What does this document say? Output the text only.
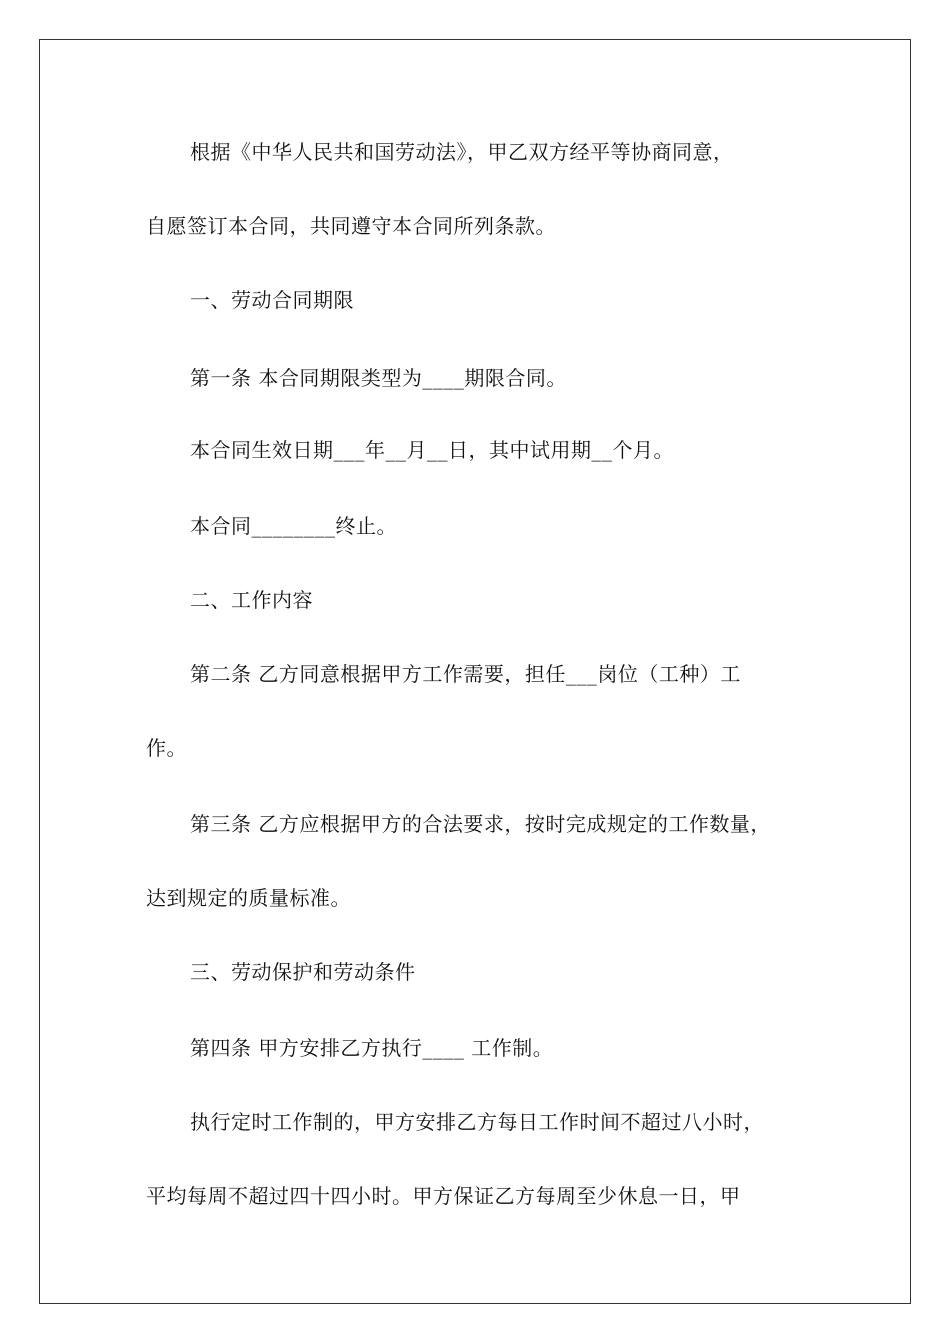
根据《中华人民共和国劳动法》，甲乙双方经平等协商同意，
自愿签订本合同，共同遵守本合同所列条款。
一、劳动合同期限
第一条 本合同期限类型为____期限合同。
本合同生效日期___年__月__日，其中试用期__个月。
本合同________终止。
二、工作内容
第二条 乙方同意根据甲方工作需要，担任___岗位（工种）工
作。
第三条 乙方应根据甲方的合法要求，按时完成规定的工作数量，
达到规定的质量标准。
三、劳动保护和劳动条件
第四条 甲方安排乙方执行____ 工作制。
执行定时工作制的，甲方安排乙方每日工作时间不超过八小时，
平均每周不超过四十四小时。甲方保证乙方每周至少休息一日，甲
